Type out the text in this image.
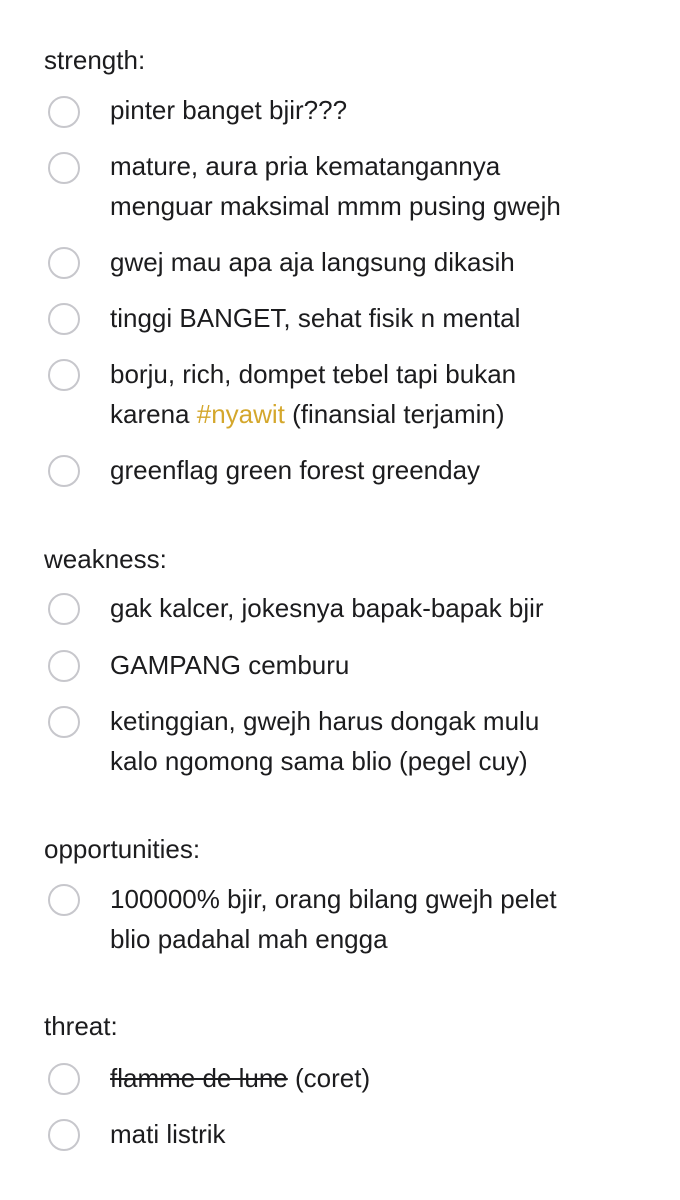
strength:
pinter banget bjir???
mature, aura pria kematangannya
menguar maksimal mmm pusing gwejh
gwej mau apa aja langsung dikasih
tinggi BANGET, sehat fisik n mental
borju, rich, dompet tebel tapi bukan
karena #nyawit (finansial terjamin)
greenflag green forest greenday
weakness:
gak kalcer, jokesnya bapak-bapak bjir
GAMPANG cemburu
ketinggian, gwejh harus dongak mulu
kalo ngomong sama blio (pegel cuy)
opportunities:
100000% bjir, orang bilang gwejh pelet
blio padahal mah engga
threat:
flamme de lune (coret)
mati listrik
